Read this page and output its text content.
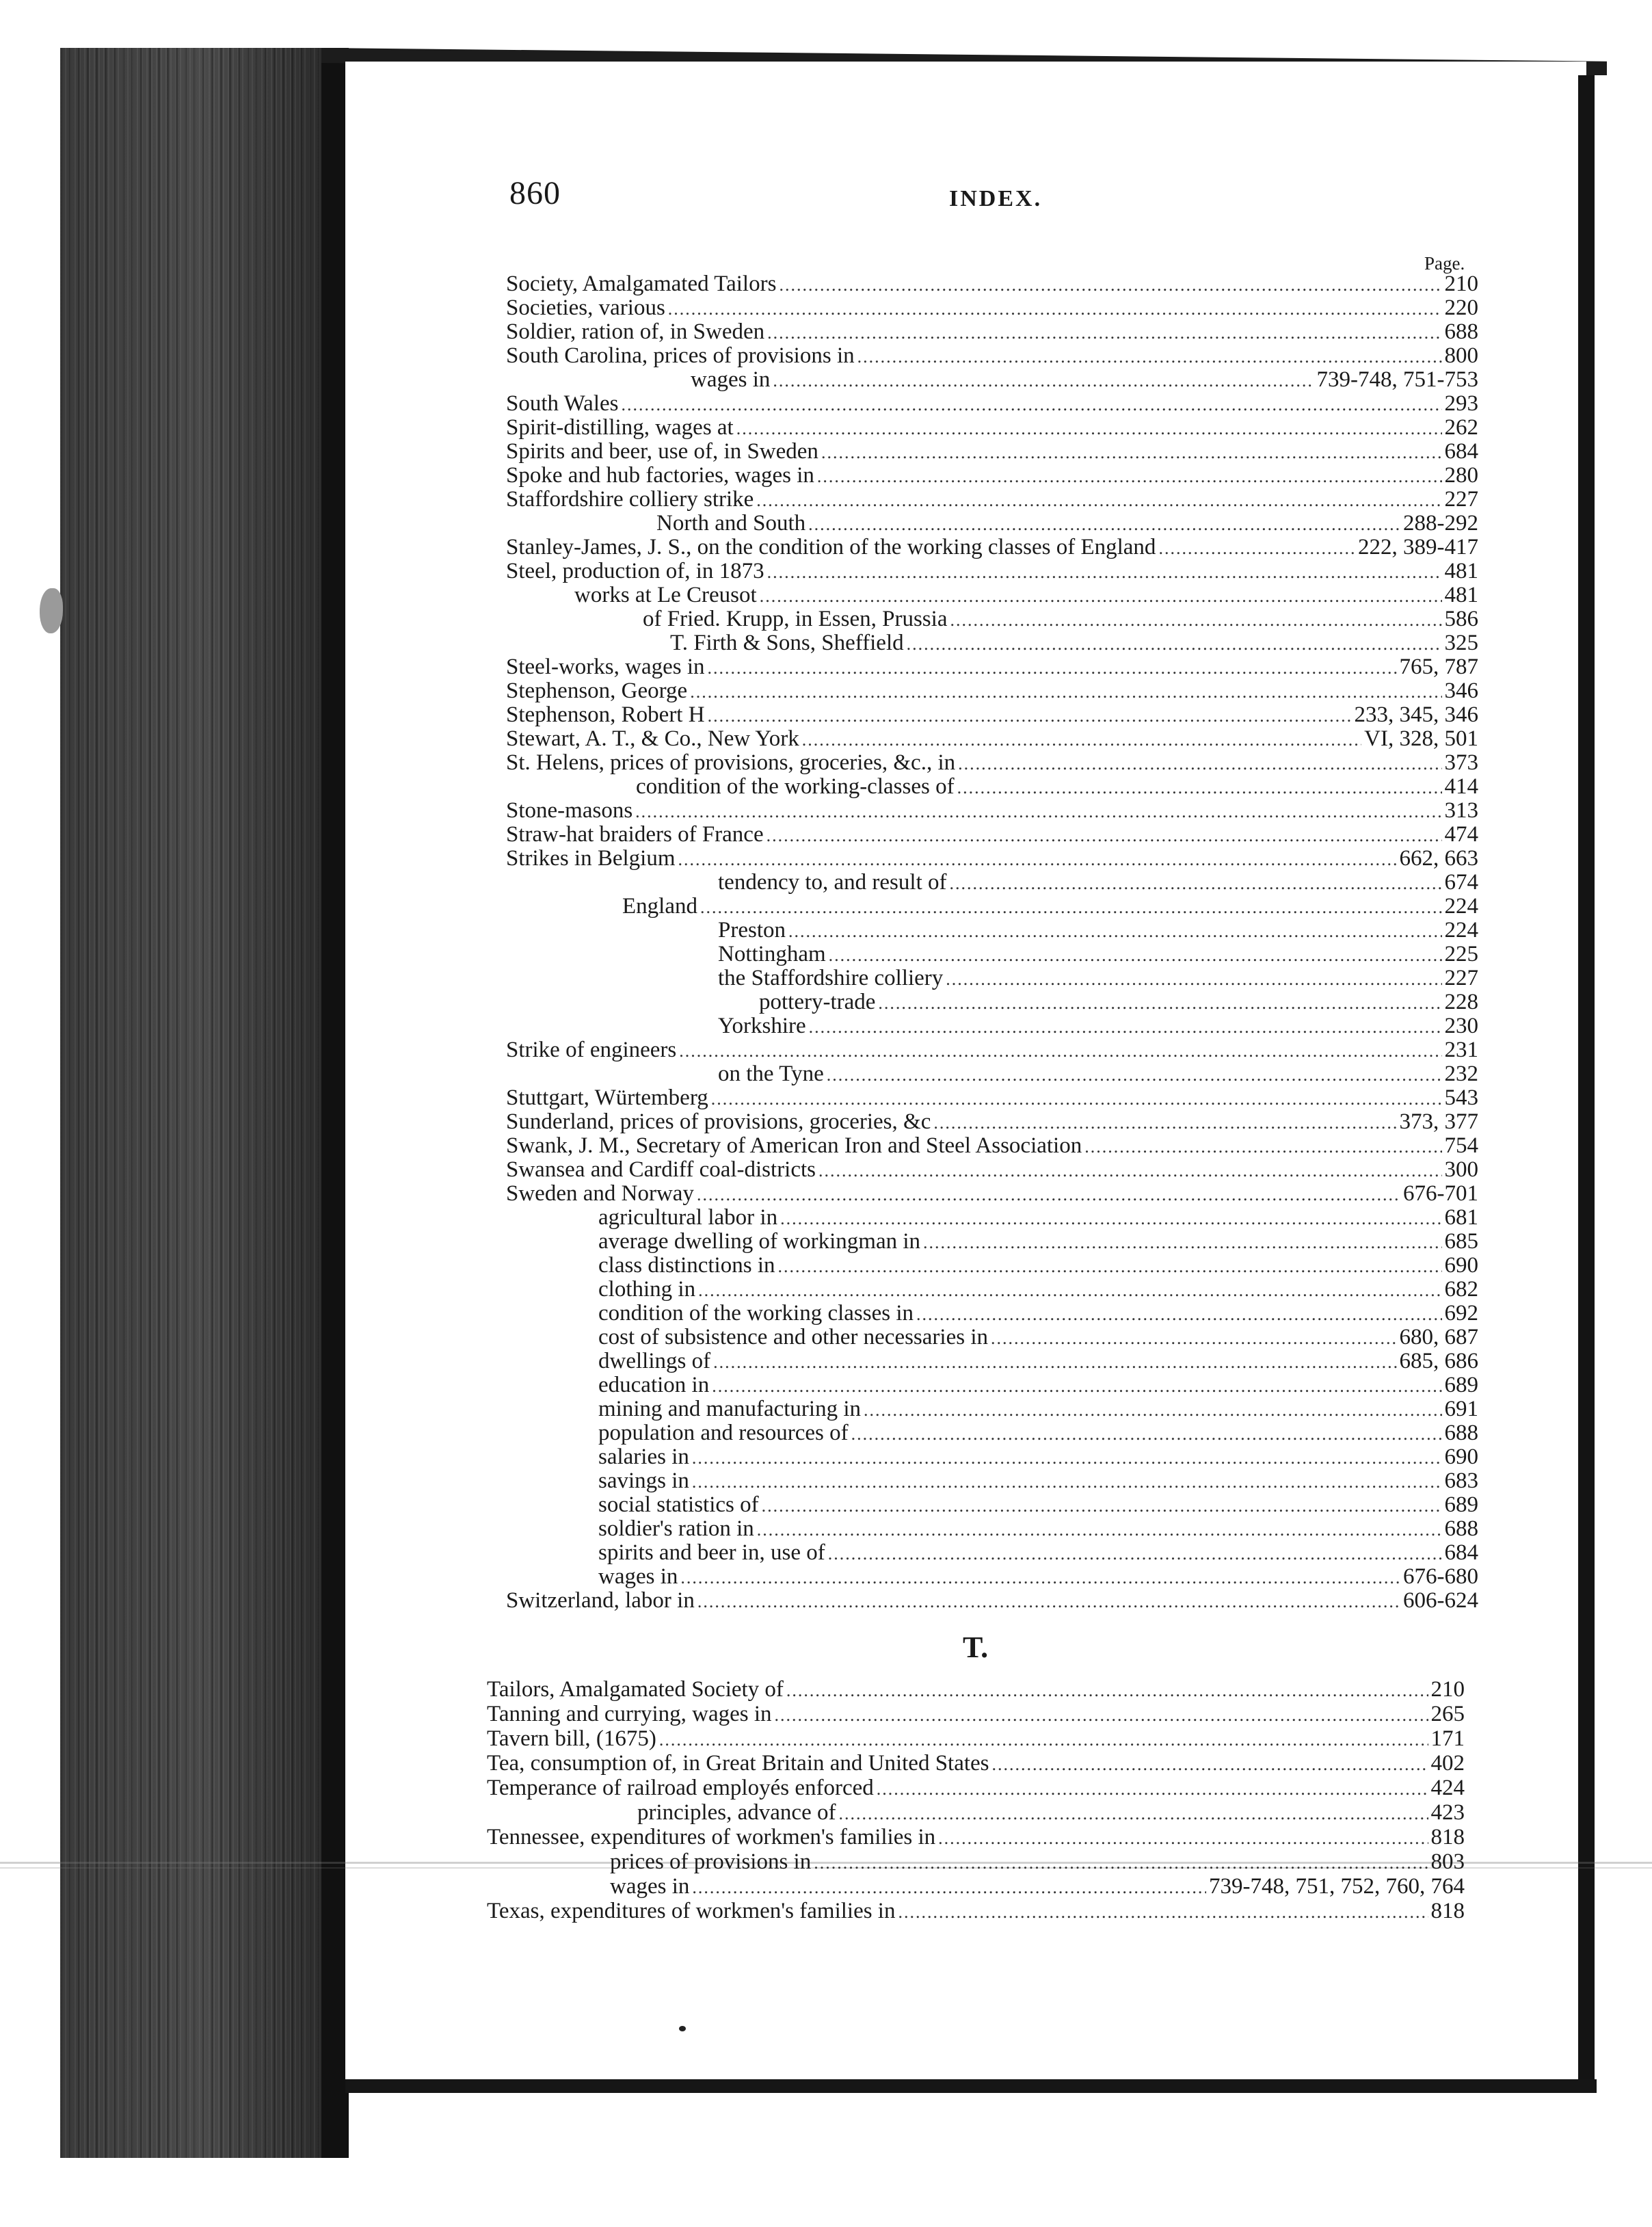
860	INDEX.
Page.
Society, Amalgamated Tailors .....	210
Societies, various .....	220
Soldier, ration of, in Sweden .....	688
South Carolina, prices of provisions in .....	800
wages in .....	739-748, 751-753
South Wales .....	293
Spirit-distilling, wages at .....	262
Spirits and beer, use of, in Sweden .....	684
Spoke and hub factories, wages in .....	280
Staffordshire colliery strike .....	227
North and South .....	288-292
Stanley-James, J. S., on the condition of the working classes of England .....	222, 389-417
Steel, production of, in 1873 .....	481
works at Le Creusot .....	481
of Fried. Krupp, in Essen, Prussia .....	586
T. Firth & Sons, Sheffield .....	325
Steel-works, wages in .....	765, 787
Stephenson, George .....	346
Stephenson, Robert H .....	233, 345, 346
Stewart, A. T., & Co., New York .....	VI, 328, 501
St. Helens, prices of provisions, groceries, &c., in .....	373
condition of the working-classes of .....	414
Stone-masons .....	313
Straw-hat braiders of France .....	474
Strikes in Belgium .....	662, 663
tendency to, and result of .....	674
England .....	224
Preston .....	224
Nottingham .....	225
the Staffordshire colliery .....	227
pottery-trade .....	228
Yorkshire .....	230
Strike of engineers .....	231
on the Tyne .....	232
Stuttgart, Würtemberg .....	543
Sunderland, prices of provisions, groceries, &c .....	373, 377
Swank, J. M., Secretary of American Iron and Steel Association .....	754
Swansea and Cardiff coal-districts .....	300
Sweden and Norway .....	676-701
agricultural labor in .....	681
average dwelling of workingman in .....	685
class distinctions in .....	690
clothing in .....	682
condition of the working classes in .....	692
cost of subsistence and other necessaries in .....	680, 687
dwellings of .....	685, 686
education in .....	689
mining and manufacturing in .....	691
population and resources of .....	688
salaries in .....	690
savings in .....	683
social statistics of .....	689
soldier's ration in .....	688
spirits and beer in, use of .....	684
wages in .....	676-680
Switzerland, labor in .....	606-624
T.
Tailors, Amalgamated Society of .....	210
Tanning and currying, wages in .....	265
Tavern bill, (1675) .....	171
Tea, consumption of, in Great Britain and United States .....	402
Temperance of railroad employés enforced .....	424
principles, advance of .....	423
Tennessee, expenditures of workmen's families in .....	818
prices of provisions in .....	803
wages in .....	739-748, 751, 752, 760, 764
Texas, expenditures of workmen's families in .....	818
